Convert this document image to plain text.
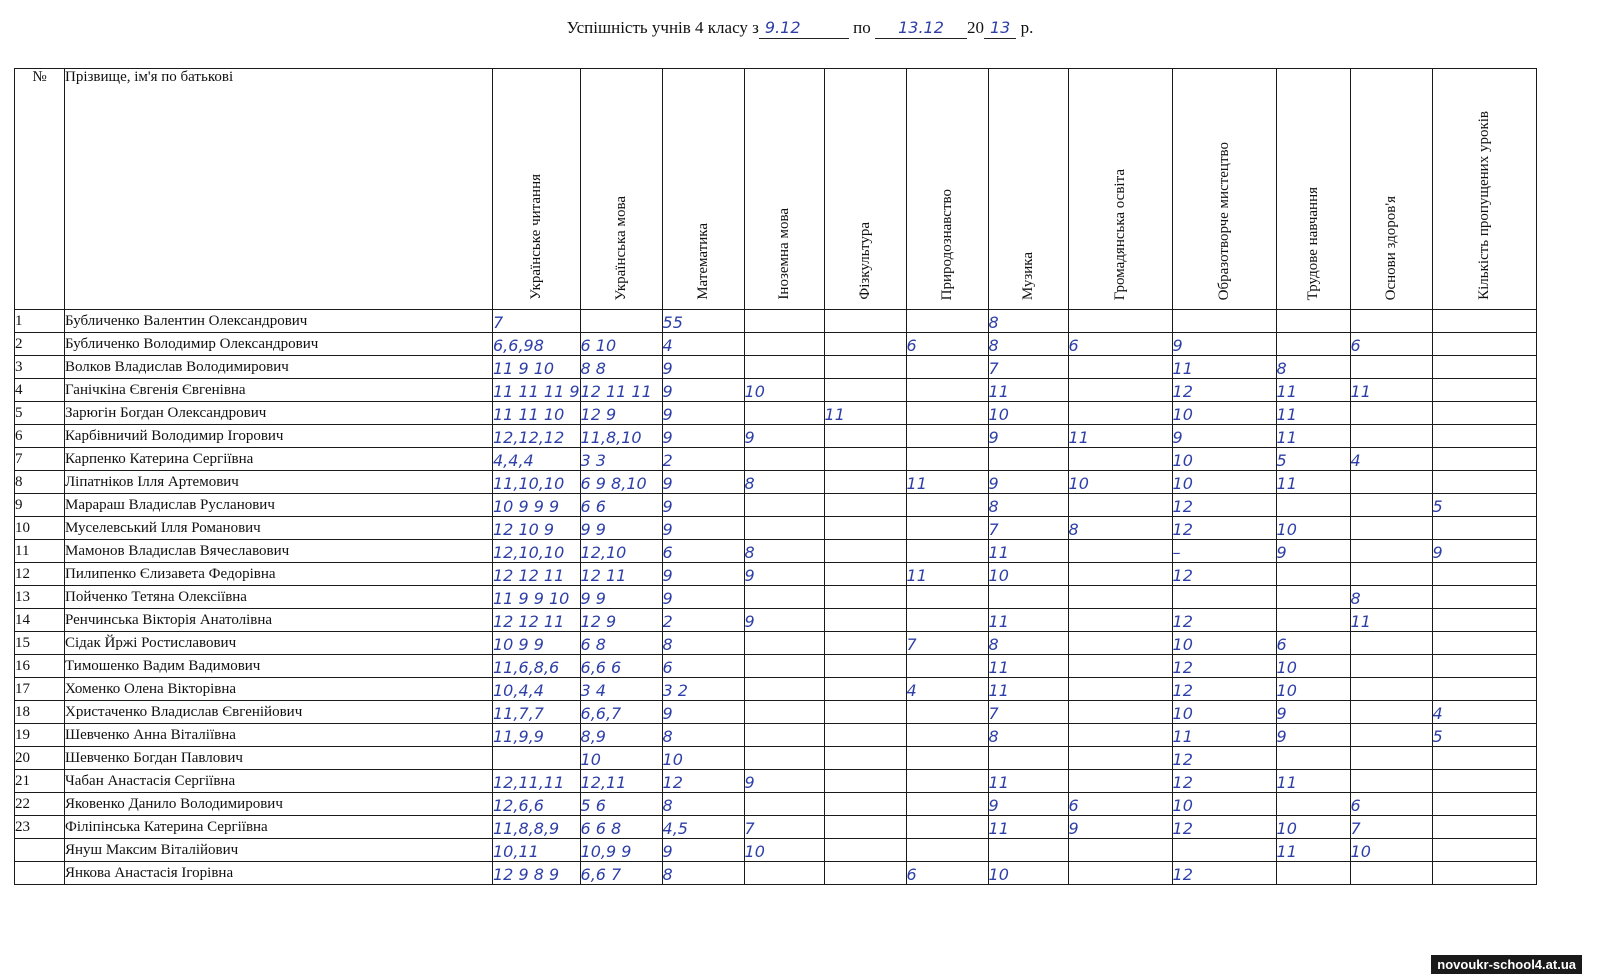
Успішність учнів 4 класу з 9.12	по 13.12 20 13 р.
№	Прізвище, ім'я по батькові	Українське читання	Українська мова	Математика	Іноземна мова	Фізкультура	Природознавство	Музика	Громадянська освіта	Образотворче мистецтво	Трудове навчання	Основи здоров'я	Кількість пропущених уроків
1	Бубличенко Валентин Олександрович	7		55				8					
2	Бубличенко Володимир Олександрович	6,6,98	6 10	4			6	8	6	9		6	
3	Волков Владислав Володимирович	11 9 10	8 8	9				7		11	8		
4	Ганічкіна Євгенія Євгенівна	11 11 11 9	12 11 11	9	10			11		12	11	11	
5	Зарюгін Богдан Олександрович	11 11 10	12 9	9		11		10		10	11		
6	Карбівничий Володимир Ігорович	12,12,12	11,8,10	9	9			9	11	9	11		
7	Карпенко Катерина Сергіївна	4,4,4	3 3	2						10	5	4	
8	Ліпатніков Ілля Артемович	11,10,10	6 9 8,10	9	8		11	9	10	10	11		
9	Марараш Владислав Русланович	10 9 9 9	6 6	9				8		12			5
10	Муселевський Ілля Романович	12 10 9	9 9	9				7	8	12	10		
11	Мамонов Владислав Вячеславович	12,10,10	12,10	6	8			11		–	9		9
12	Пилипенко Єлизавета Федорівна	12 12 11	12 11	9	9		11	10		12			
13	Пойченко Тетяна Олексіївна	11 9 9 10	9 9	9								8	
14	Ренчинська Вікторія Анатолівна	12 12 11	12 9	2	9			11		12		11	
15	Сідак Йржі Ростиславович	10 9 9	6 8	8			7	8		10	6		
16	Тимошенко Вадим Вадимович	11,6,8,6	6,6 6	6				11		12	10		
17	Хоменко Олена Вікторівна	10,4,4	3 4	3 2			4	11		12	10		
18	Христаченко Владислав Євгенійович	11,7,7	6,6,7	9				7		10	9		4
19	Шевченко Анна Віталіївна	11,9,9	8,9	8				8		11	9		5
20	Шевченко Богдан Павлович		10	10						12			
21	Чабан Анастасія Сергіївна	12,11,11	12,11	12	9			11		12	11		
22	Яковенко Данило Володимирович	12,6,6	5 6	8				9	6	10		6	
23	Філіпінська Катерина Сергіївна	11,8,8,9	6 6 8	4,5	7			11	9	12	10	7	
	Януш Максим Віталійович	10,11	10,9 9	9	10						11	10	
	Янкова Анастасія Ігорівна	12 9 8 9	6,6 7	8			6	10		12			
novoukr-school4.at.ua
